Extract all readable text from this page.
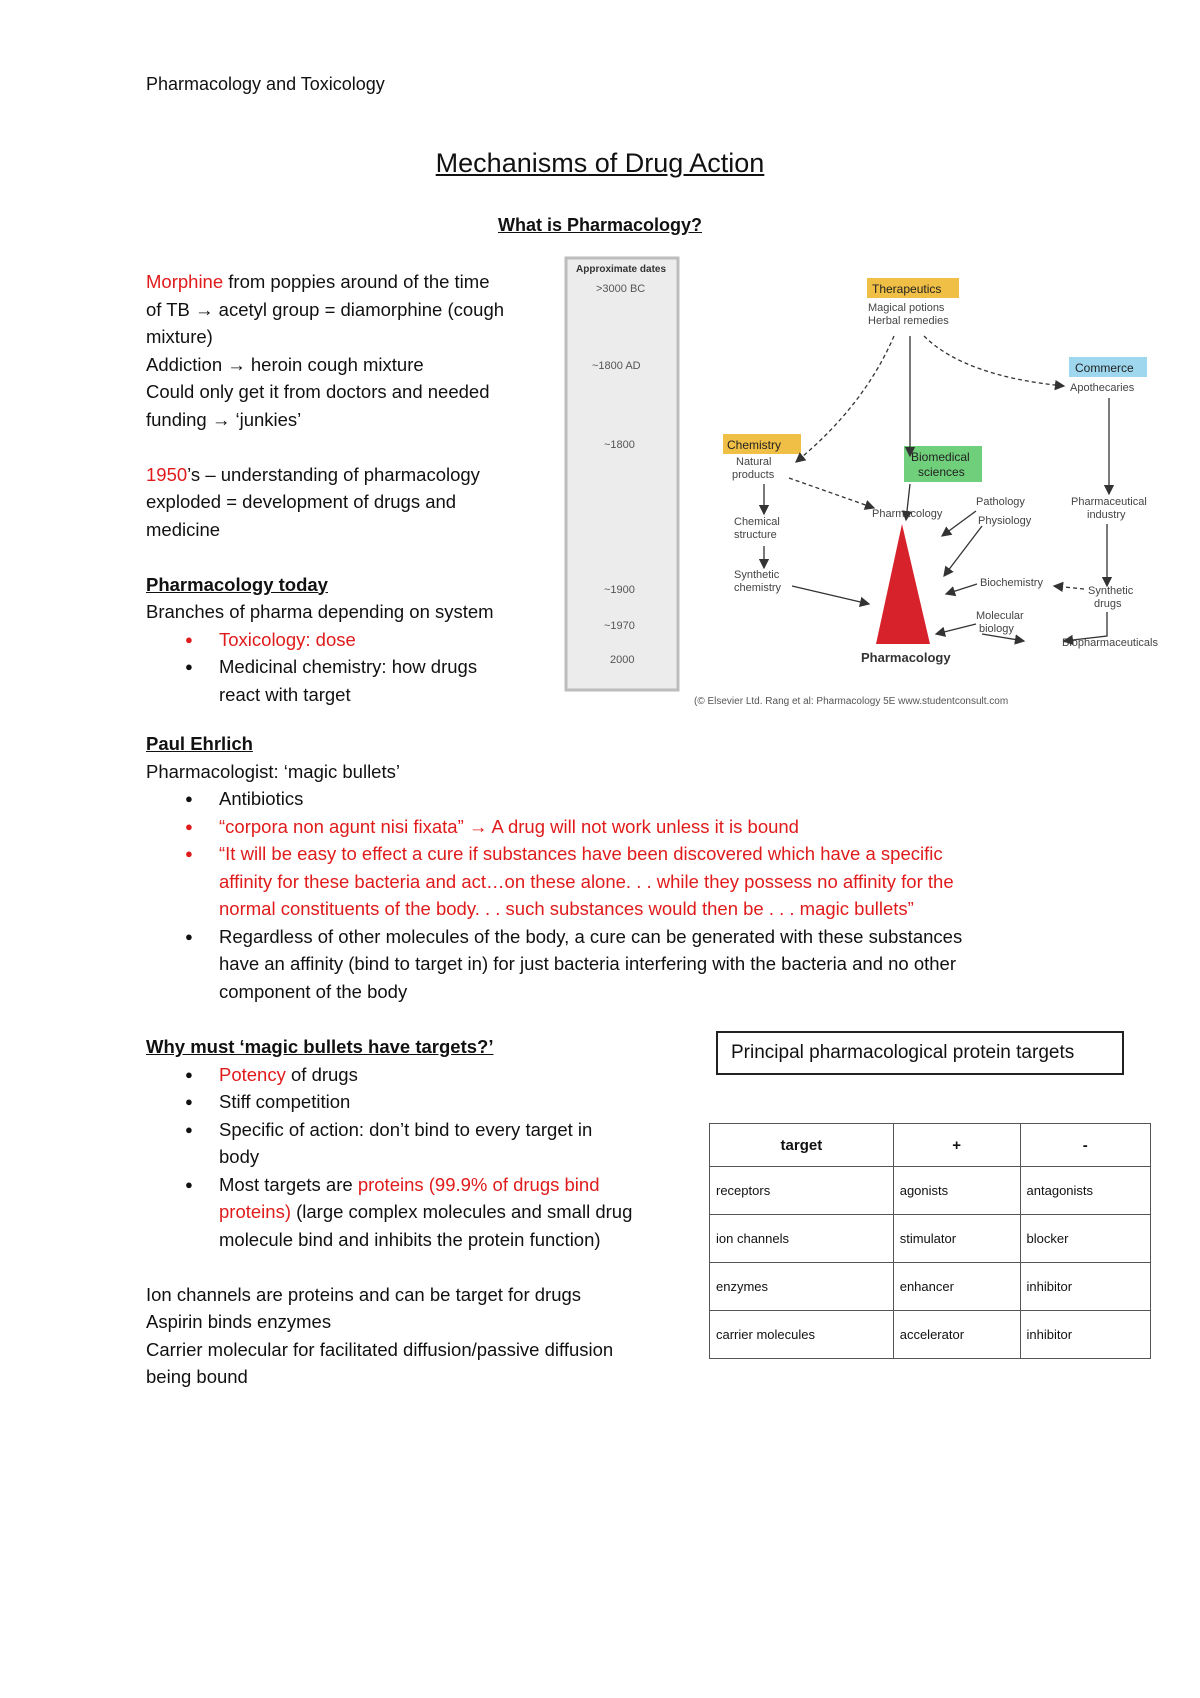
Pharmacology and Toxicology
Mechanisms of Drug Action
What is Pharmacology?
Morphine from poppies around of the time
of TB → acetyl group = diamorphine (cough
mixture)
Addiction → heroin cough mixture
Could only get it from doctors and needed
funding → ‘junkies’
1950’s – understanding of pharmacology
exploded = development of drugs and
medicine
Pharmacology today
Branches of pharma depending on system
● Toxicology: dose
● Medicinal chemistry: how drugs
react with target
Approximate dates
>3000 BC
~1800 AD
~1800
~1900
~1970
2000
Therapeutics
Magical potions
Herbal remedies
Commerce
Apothecaries
Chemistry
Natural
products
Biomedical
sciences
Pharmacology
Pathology
Physiology
Pharmaceutical
industry
Chemical
structure
Synthetic
chemistry	Biochemistry
Synthetic
drugs
Molecular
biology
Biopharmaceuticals
Pharmacology
(© Elsevier Ltd. Rang et al: Pharmacology 5E www.studentconsult.com
Paul Ehrlich
Pharmacologist: ‘magic bullets’
● Antibiotics
● “corpora non agunt nisi fixata” → A drug will not work unless it is bound
● “It will be easy to effect a cure if substances have been discovered which have a specific
affinity for these bacteria and act…on these alone. . . while they possess no affinity for the
normal constituents of the body. . . such substances would then be . . . magic bullets”
● Regardless of other molecules of the body, a cure can be generated with these substances
have an affinity (bind to target in) for just bacteria interfering with the bacteria and no other
component of the body
Why must ‘magic bullets have targets?’
● Potency of drugs
● Stiff competition
● Specific of action: don’t bind to every target in
body
● Most targets are proteins (99.9% of drugs bind
proteins) (large complex molecules and small drug
molecule bind and inhibits the protein function)
Ion channels are proteins and can be target for drugs
Aspirin binds enzymes
Carrier molecular for facilitated diffusion/passive diffusion
being bound
Principal pharmacological protein targets
target	+	-
receptors	agonists	antagonists
ion channels	stimulator	blocker
enzymes	enhancer	inhibitor
carrier molecules	accelerator	inhibitor
